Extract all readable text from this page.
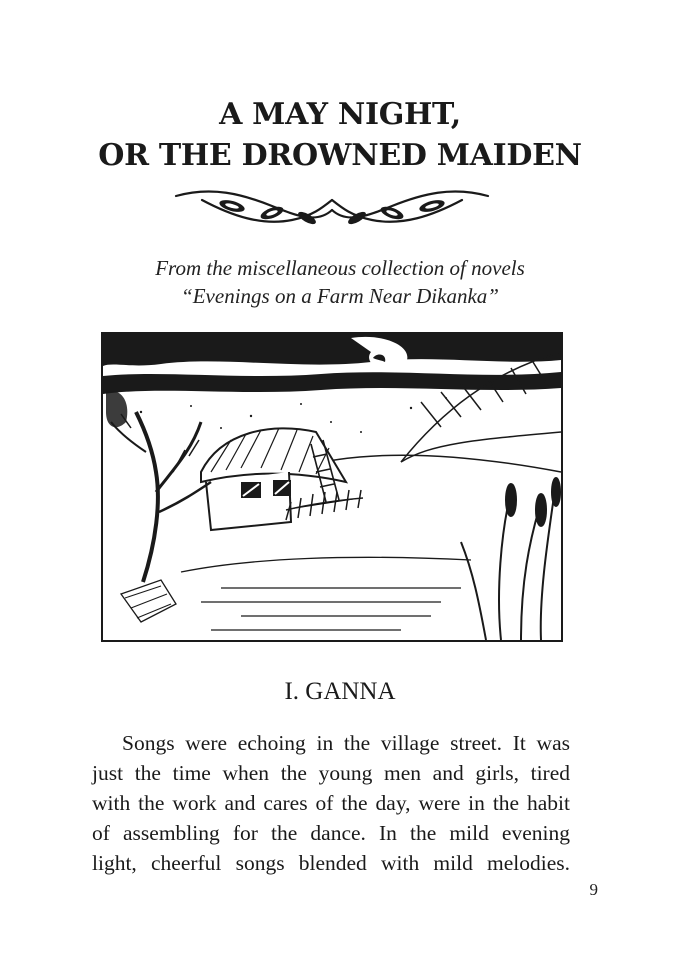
A MAY NIGHT,
OR THE DROWNED MAIDEN
From the miscellaneous collection of novels
“Evenings on a Farm Near Dikanka”
I. GANNA
Songs were echoing in the village street. It was
just the time when the young men and girls, tired
with the work and cares of the day, were in the habit
of assembling for the dance. In the mild evening
light, cheerful songs blended with mild melodies.
9
